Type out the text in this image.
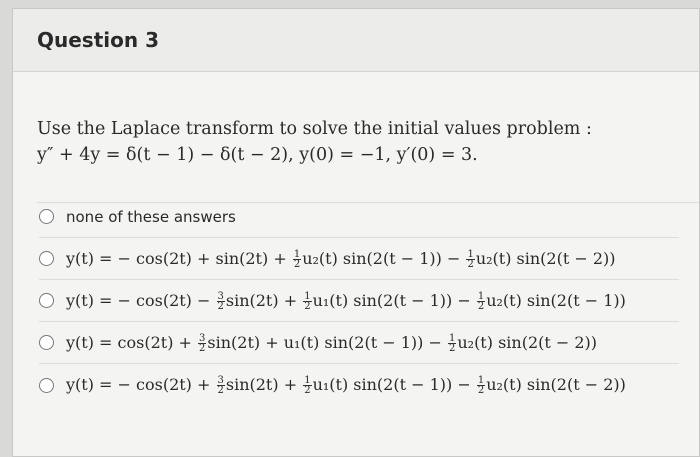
Question 3
Use the Laplace transform to solve the initial values problem :
y″ + 4y = δ(t − 1) − δ(t − 2), y(0) = −1, y′(0) = 3.
none of these answers
y(t) = − $\cos(2t) + \sin(2t) + \frac{1}{2} u_2(t) \sin(2(t - 1)) - \frac{1}{2} u_2(t) \sin(2(t - 2))$
y(t) = − $\cos(2t) - \frac{3}{2} \sin(2t) + \frac{1}{2} u_1(t) \sin(2(t - 1)) - \frac{1}{2} u_2(t) \sin(2(t - 1))$
$y(t) = \cos(2t) + \frac{3}{2} \sin(2t) + u_1(t) \sin(2(t - 1)) - \frac{1}{2} u_2(t) \sin(2(t - 2))$
y(t) = − $\cos(2t) + \frac{3}{2} \sin(2t) + \frac{1}{2} u_1(t) \sin(2(t - 1)) - \frac{1}{2} u_2(t) \sin(2(t - 2))$
